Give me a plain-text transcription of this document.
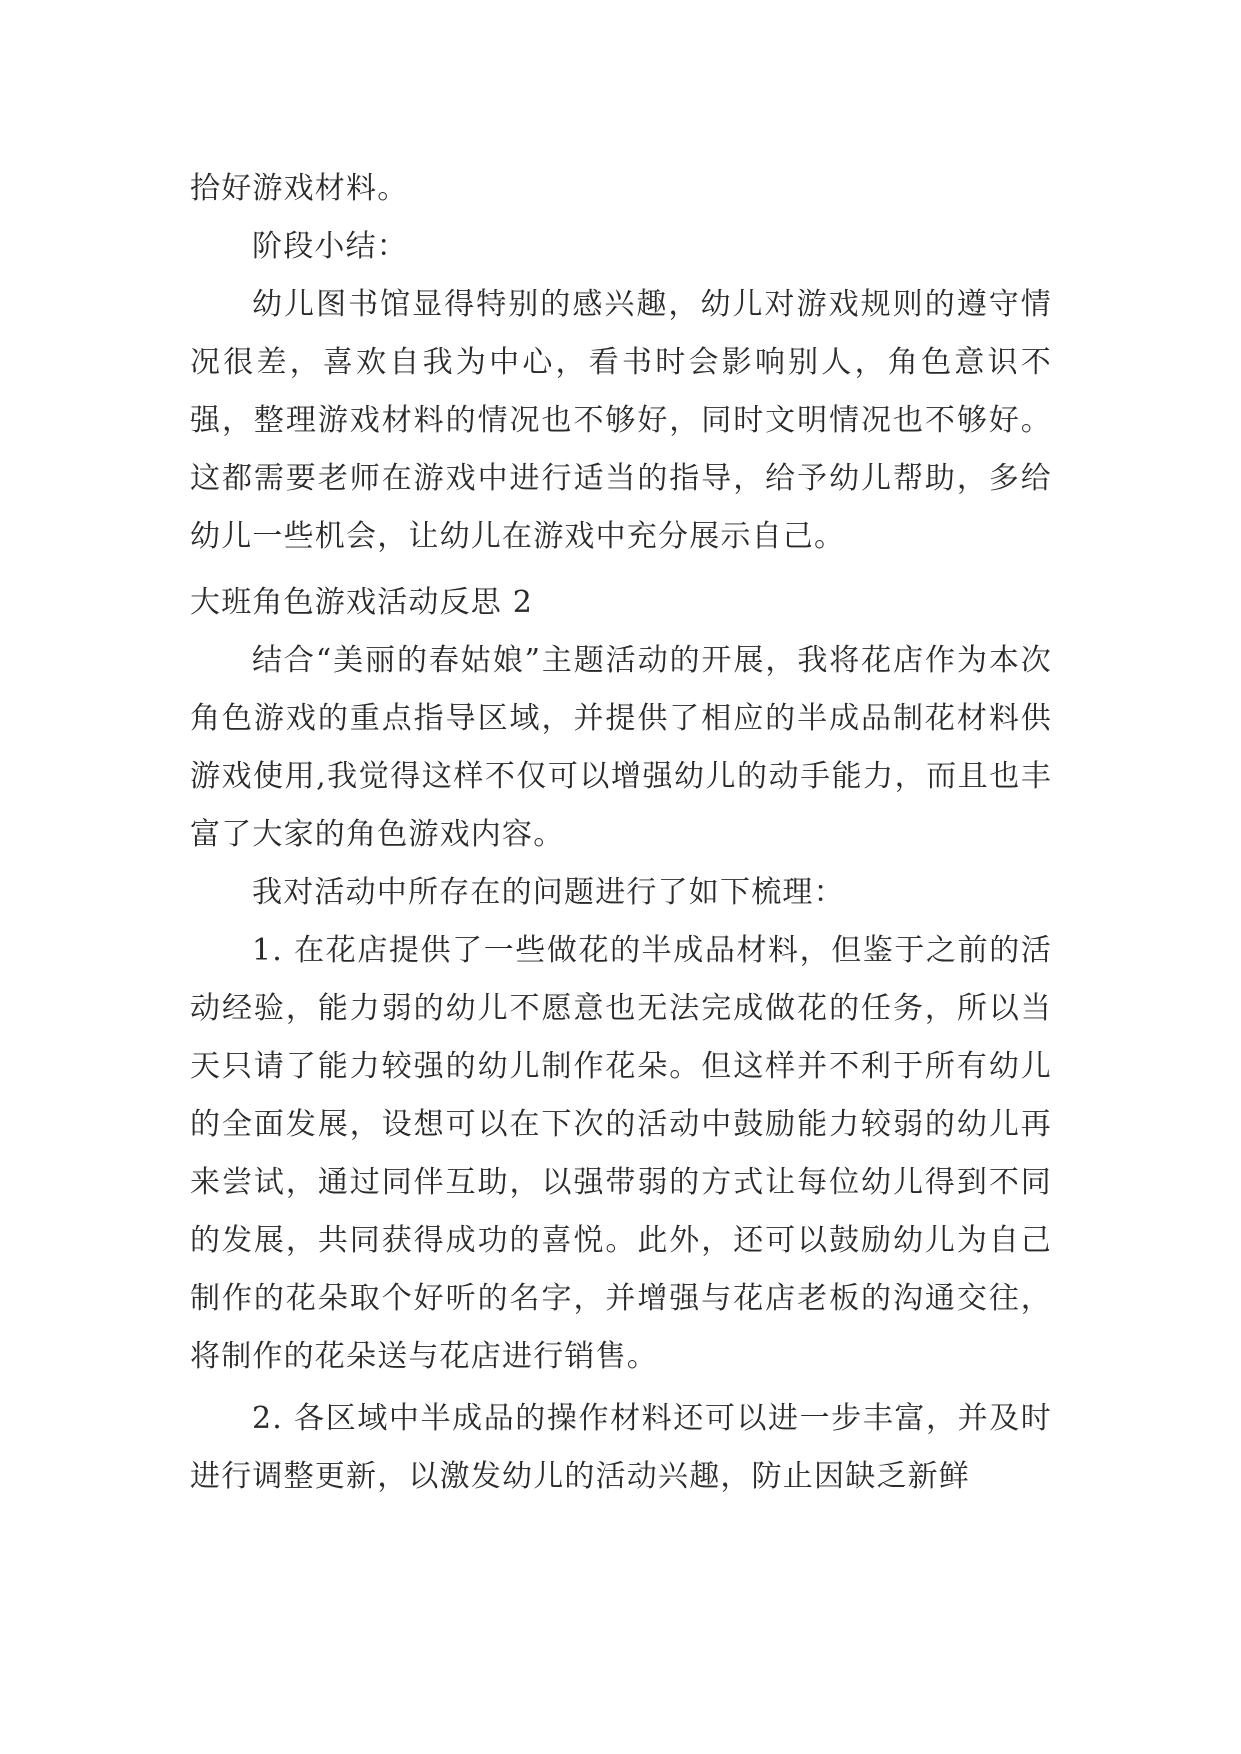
拾好游戏材料。

阶段小结：

幼儿图书馆显得特别的感兴趣，幼儿对游戏规则的遵守情况很差，喜欢自我为中心，看书时会影响别人，角色意识不强，整理游戏材料的情况也不够好，同时文明情况也不够好。这都需要老师在游戏中进行适当的指导，给予幼儿帮助，多给幼儿一些机会，让幼儿在游戏中充分展示自己。

大班角色游戏活动反思 2

结合“美丽的春姑娘”主题活动的开展，我将花店作为本次角色游戏的重点指导区域，并提供了相应的半成品制花材料供游戏使用,我觉得这样不仅可以增强幼儿的动手能力，而且也丰富了大家的角色游戏内容。

我对活动中所存在的问题进行了如下梳理：

1. 在花店提供了一些做花的半成品材料，但鉴于之前的活动经验，能力弱的幼儿不愿意也无法完成做花的任务，所以当天只请了能力较强的幼儿制作花朵。但这样并不利于所有幼儿的全面发展，设想可以在下次的活动中鼓励能力较弱的幼儿再来尝试，通过同伴互助，以强带弱的方式让每位幼儿得到不同的发展，共同获得成功的喜悦。此外，还可以鼓励幼儿为自己制作的花朵取个好听的名字，并增强与花店老板的沟通交往，将制作的花朵送与花店进行销售。

2. 各区域中半成品的操作材料还可以进一步丰富，并及时进行调整更新，以激发幼儿的活动兴趣，防止因缺乏新鲜
